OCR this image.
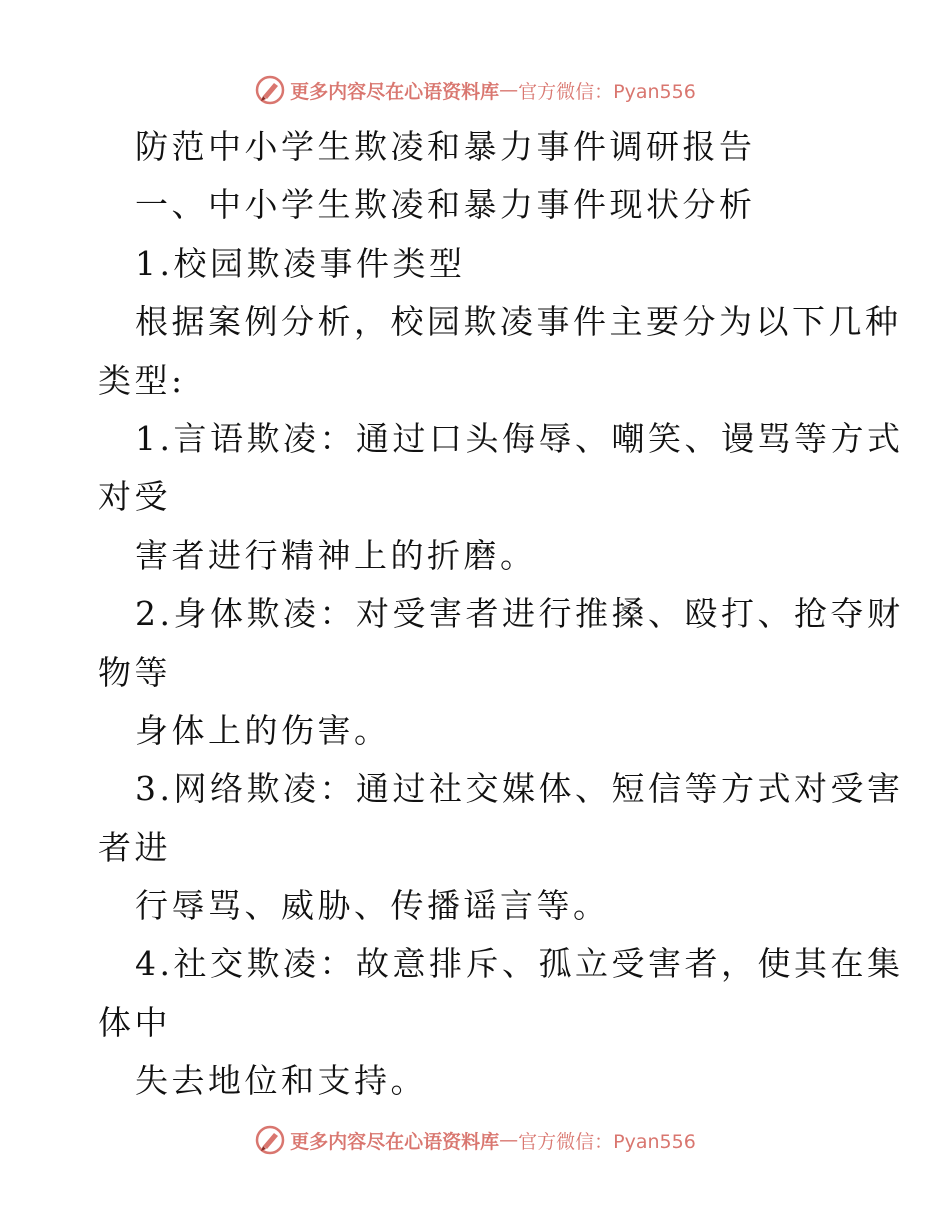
更多内容尽在心语资料库 — 官方微信：Pyan556
防范中小学生欺凌和暴力事件调研报告
一、中小学生欺凌和暴力事件现状分析
1.校园欺凌事件类型
根据案例分析，校园欺凌事件主要分为以下几种
类型:
1.言语欺凌：通过口头侮辱、嘲笑、谩骂等方式
对受
害者进行精神上的折磨。
2.身体欺凌：对受害者进行推搡、殴打、抢夺财
物等
身体上的伤害。
3.网络欺凌：通过社交媒体、短信等方式对受害
者进
行辱骂、威胁、传播谣言等。
4.社交欺凌：故意排斥、孤立受害者，使其在集
体中
失去地位和支持。
更多内容尽在心语资料库 — 官方微信：Pyan556
